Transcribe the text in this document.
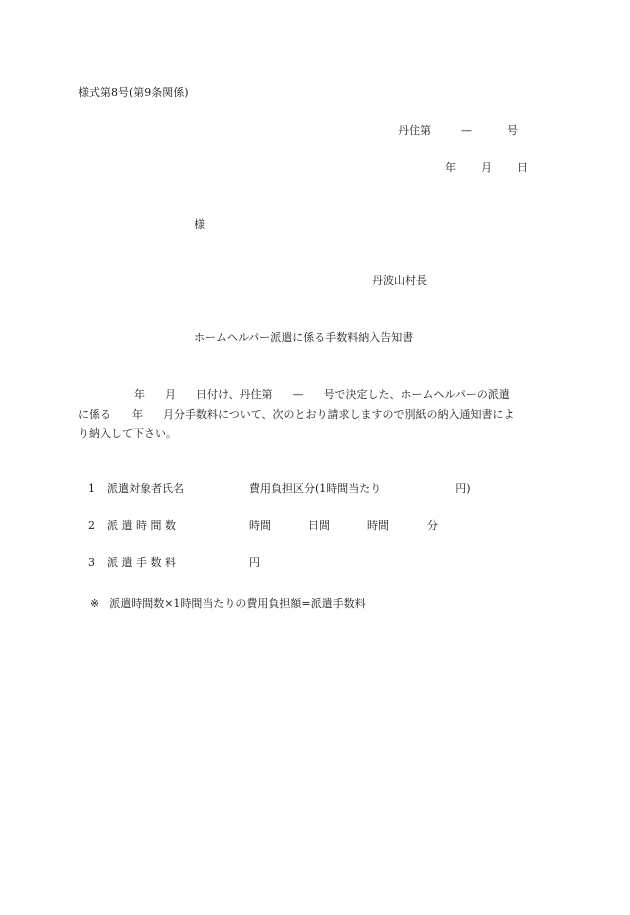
様式第8号(第9条関係)
丹住第	—	号
年 月 日
様
丹波山村長
ホームヘルパー派遣に係る手数料納入告知書
年 月 日付け、丹住第 — 号で決定した、ホームヘルパーの派遣
に係る 年 月分手数料について、次のとおり請求しますので別紙の納入通知書によ
り納入して下さい。
1 派遣対象者氏名	費用負担区分(1時間当たり	円)
2 派 遣 時 間 数	時間	日間	時間	分
3 派 遣 手 数 料	円
※ 派遣時間数×1時間当たりの費用負担額=派遣手数料
